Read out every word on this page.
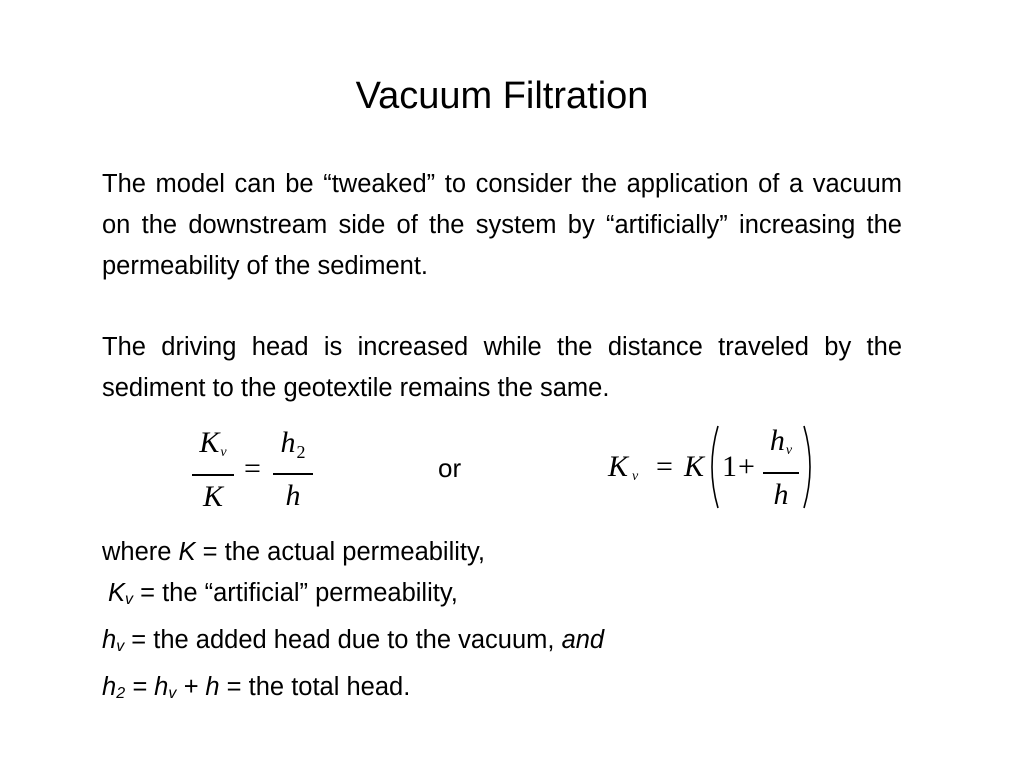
Vacuum Filtration
The model can be “tweaked” to consider the application of a vacuum on the downstream side of the system by “artificially” increasing the permeability of the sediment.
The driving head is increased while the distance traveled by the sediment to the geotextile remains the same.
$K_v$
K
=
$h_2$
h
or	K $_v$ = K 1 +
$h_v$
h
where K = the actual permeability,
Kv = the “artificial” permeability,
hv = the added head due to the vacuum, and
h2 = hv + h = the total head.
